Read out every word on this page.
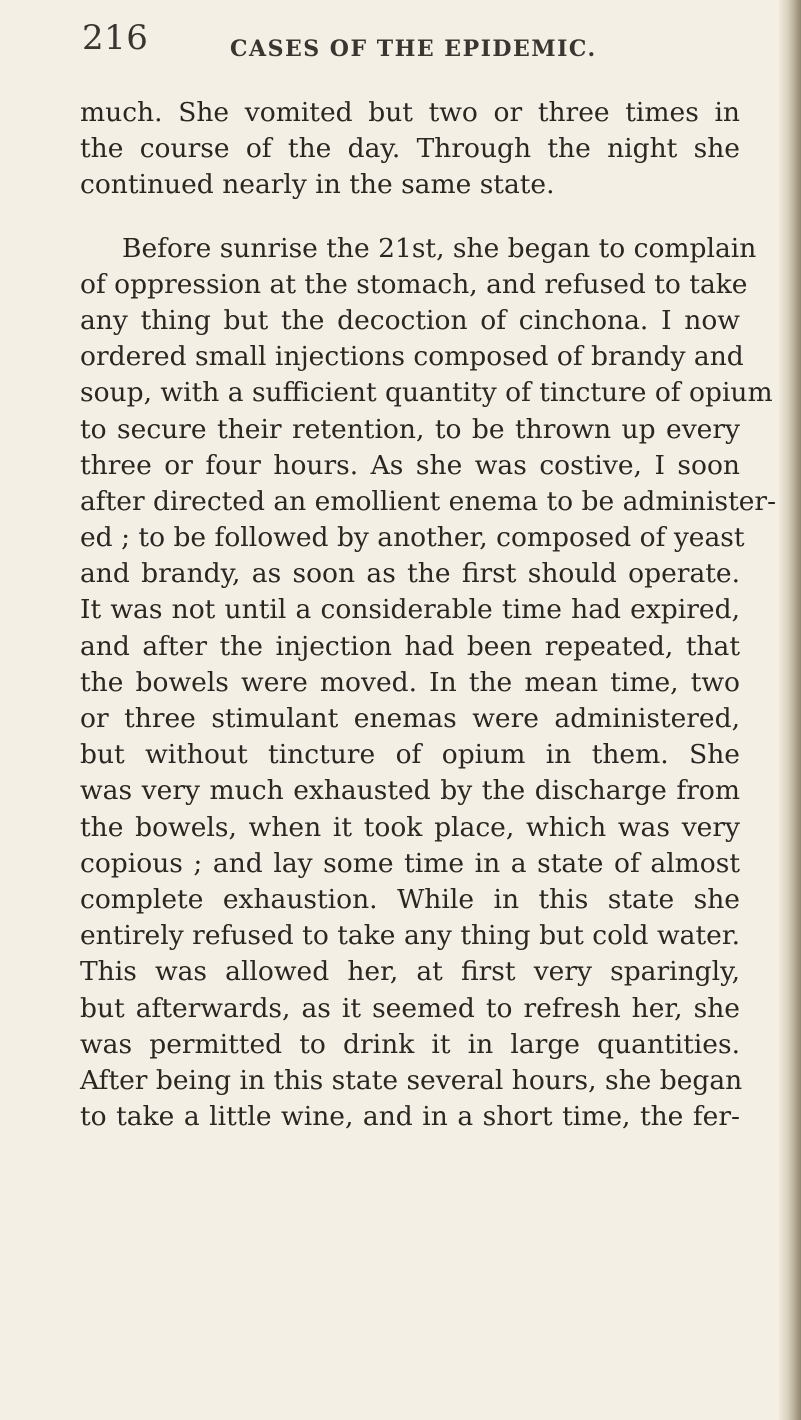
216	CASES OF THE EPIDEMIC.
much. She vomited but two or three times in
the course of the day. Through the night she
continued nearly in the same state.
Before sunrise the 21st, she began to complain
of oppression at the stomach, and refused to take
any thing but the decoction of cinchona. I now
ordered small injections composed of brandy and
soup, with a sufficient quantity of tincture of opium
to secure their retention, to be thrown up every
three or four hours. As she was costive, I soon
after directed an emollient enema to be administer-
ed ; to be followed by another, composed of yeast
and brandy, as soon as the first should operate.
It was not until a considerable time had expired,
and after the injection had been repeated, that
the bowels were moved. In the mean time, two
or three stimulant enemas were administered,
but without tincture of opium in them. She
was very much exhausted by the discharge from
the bowels, when it took place, which was very
copious ; and lay some time in a state of almost
complete exhaustion. While in this state she
entirely refused to take any thing but cold water.
This was allowed her, at first very sparingly,
but afterwards, as it seemed to refresh her, she
was permitted to drink it in large quantities.
After being in this state several hours, she began
to take a little wine, and in a short time, the fer-
